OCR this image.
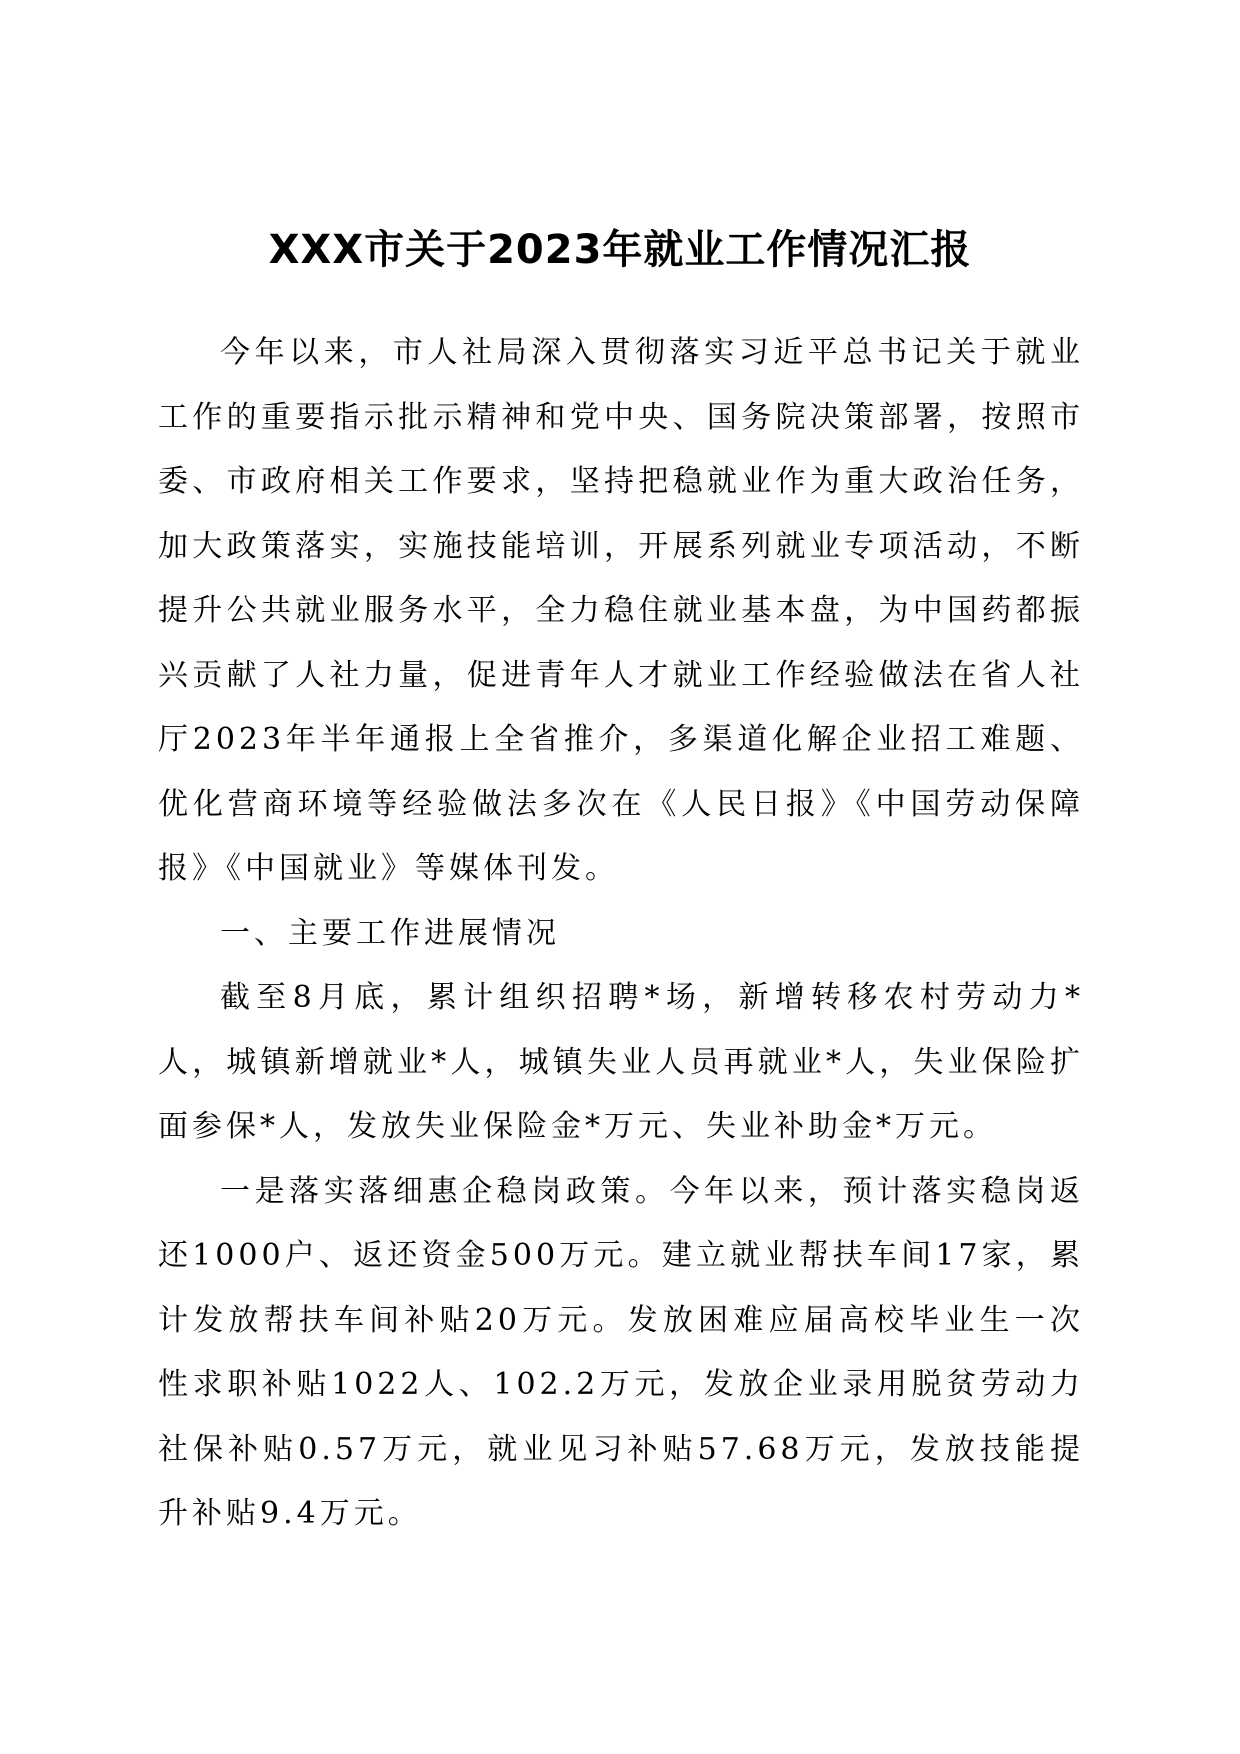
XXX市关于2023年就业工作情况汇报

今年以来，市人社局深入贯彻落实习近平总书记关于就业工作的重要指示批示精神和党中央、国务院决策部署，按照市委、市政府相关工作要求，坚持把稳就业作为重大政治任务，加大政策落实，实施技能培训，开展系列就业专项活动，不断提升公共就业服务水平，全力稳住就业基本盘，为中国药都振兴贡献了人社力量，促进青年人才就业工作经验做法在省人社厅2023年半年通报上全省推介，多渠道化解企业招工难题、优化营商环境等经验做法多次在《人民日报》《中国劳动保障报》《中国就业》等媒体刊发。

一、主要工作进展情况

截至8月底，累计组织招聘*场，新增转移农村劳动力*人，城镇新增就业*人，城镇失业人员再就业*人，失业保险扩面参保*人，发放失业保险金*万元、失业补助金*万元。

一是落实落细惠企稳岗政策。今年以来，预计落实稳岗返还1000户、返还资金500万元。建立就业帮扶车间17家，累计发放帮扶车间补贴20万元。发放困难应届高校毕业生一次性求职补贴1022人、102.2万元，发放企业录用脱贫劳动力社保补贴0.57万元，就业见习补贴57.68万元，发放技能提升补贴9.4万元。
